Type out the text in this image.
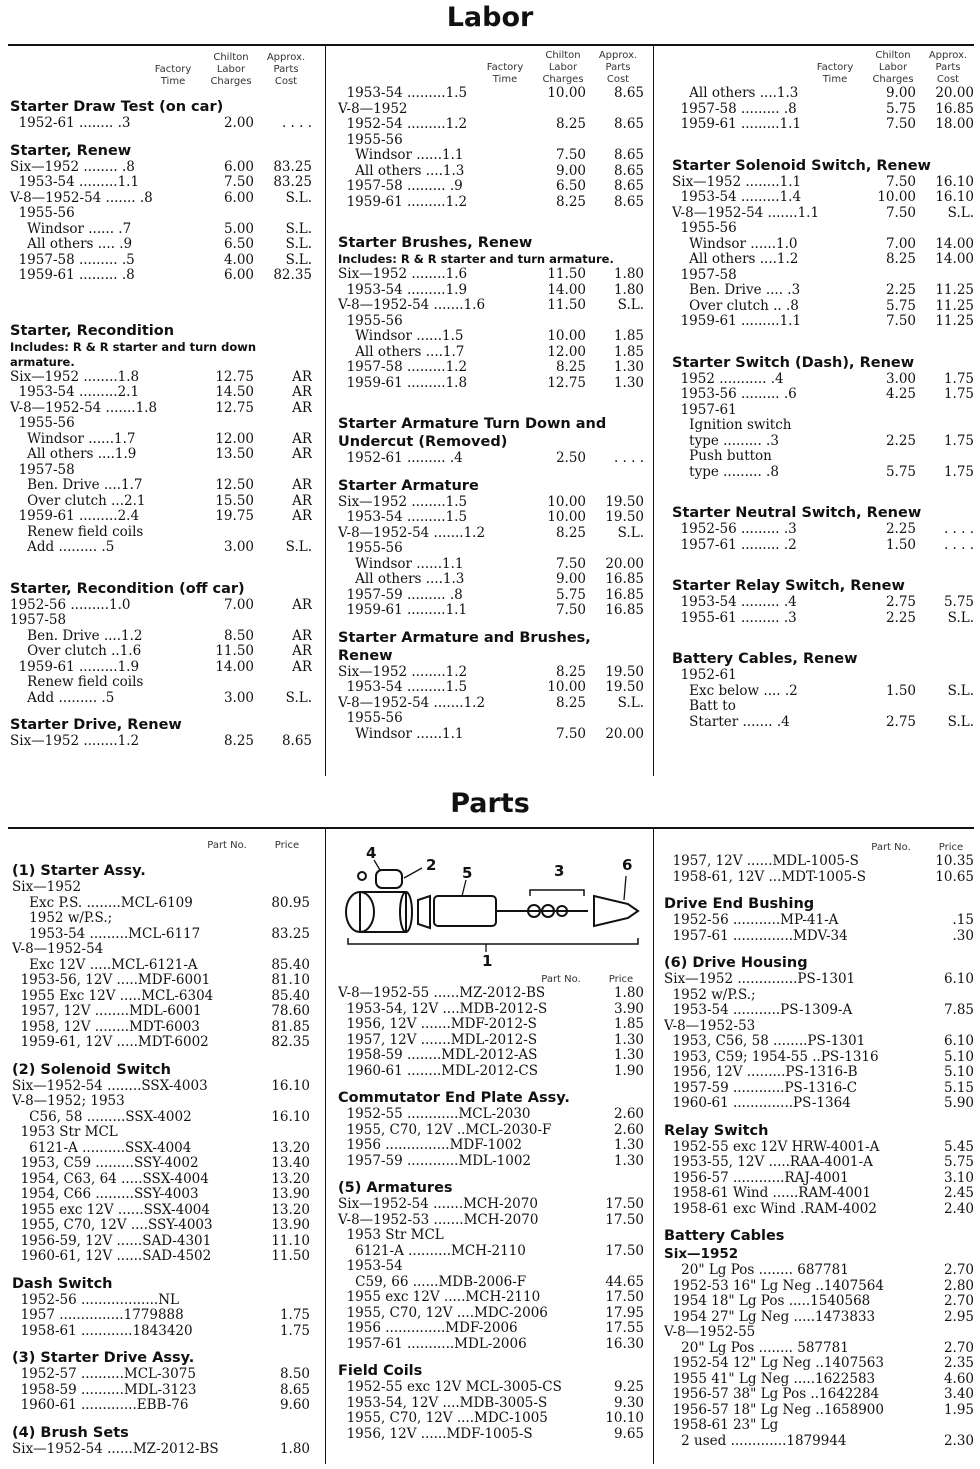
Labor
Parts
Factory
Time
Chilton
Labor
Charges
Approx.
Parts
Cost
Starter Draw Test (on car)
1952-61 ........ .3	2.00	. . . .
Starter, Renew
Six—1952 ........ .8	6.00	83.25
1953-54 .........1.1	7.50	83.25
V-8—1952-54 ....... .8	6.00	S.L.
1955-56
Windsor ...... .7	5.00	S.L.
All others .... .9	6.50	S.L.
1957-58 ......... .5	4.00	S.L.
1959-61 ......... .8	6.00	82.35
Starter, Recondition
Includes: R & R starter and turn down armature.
Six—1952 ........1.8	12.75	AR
1953-54 .........2.1	14.50	AR
V-8—1952-54 .......1.8	12.75	AR
1955-56
Windsor ......1.7	12.00	AR
All others ....1.9	13.50	AR
1957-58
Ben. Drive ....1.7	12.50	AR
Over clutch ...2.1	15.50	AR
1959-61 .........2.4	19.75	AR
Renew field coils
Add ......... .5	3.00	S.L.
Starter, Recondition (off car)
1952-56 .........1.0	7.00	AR
1957-58
Ben. Drive ....1.2	8.50	AR
Over clutch ..1.6	11.50	AR
1959-61 .........1.9	14.00	AR
Renew field coils
Add ......... .5	3.00	S.L.
Starter Drive, Renew
Six—1952 ........1.2	8.25	8.65
Factory
Time
Chilton
Labor
Charges
Approx.
Parts
Cost
1953-54 .........1.5	10.00	8.65
V-8—1952
1952-54 .........1.2	8.25	8.65
1955-56
Windsor ......1.1	7.50	8.65
All others ....1.3	9.00	8.65
1957-58 ......... .9	6.50	8.65
1959-61 .........1.2	8.25	8.65
Starter Brushes, Renew
Includes: R & R starter and turn armature.
Six—1952 ........1.6	11.50	1.80
1953-54 .........1.9	14.00	1.80
V-8—1952-54 .......1.6	11.50	S.L.
1955-56
Windsor ......1.5	10.00	1.85
All others ....1.7	12.00	1.85
1957-58 .........1.2	8.25	1.30
1959-61 .........1.8	12.75	1.30
Starter Armature Turn Down and
Undercut (Removed)
1952-61 ......... .4	2.50	. . . .
Starter Armature
Six—1952 ........1.5	10.00	19.50
1953-54 .........1.5	10.00	19.50
V-8—1952-54 .......1.2	8.25	S.L.
1955-56
Windsor ......1.1	7.50	20.00
All others ....1.3	9.00	16.85
1957-59 ......... .8	5.75	16.85
1959-61 .........1.1	7.50	16.85
Starter Armature and Brushes,
Renew
Six—1952 ........1.2	8.25	19.50
1953-54 .........1.5	10.00	19.50
V-8—1952-54 .......1.2	8.25	S.L.
1955-56
Windsor ......1.1	7.50	20.00
Factory
Time
Chilton
Labor
Charges
Approx.
Parts
Cost
All others ....1.3	9.00	20.00
1957-58 ......... .8	5.75	16.85
1959-61 .........1.1	7.50	18.00
Starter Solenoid Switch, Renew
Six—1952 ........1.1	7.50	16.10
1953-54 .........1.4	10.00	16.10
V-8—1952-54 .......1.1	7.50	S.L.
1955-56
Windsor ......1.0	7.00	14.00
All others ....1.2	8.25	14.00
1957-58
Ben. Drive .... .3	2.25	11.25
Over clutch .. .8	5.75	11.25
1959-61 .........1.1	7.50	11.25
Starter Switch (Dash), Renew
1952 ........... .4	3.00	1.75
1953-56 ......... .6	4.25	1.75
1957-61
Ignition switch
type ......... .3	2.25	1.75
Push button
type ......... .8	5.75	1.75
Starter Neutral Switch, Renew
1952-56 ......... .3	2.25	. . . .
1957-61 ......... .2	1.50	. . . .
Starter Relay Switch, Renew
1953-54 ......... .4	2.75	5.75
1955-61 ......... .3	2.25	S.L.
Battery Cables, Renew
1952-61
Exc below .... .2	1.50	S.L.
Batt to
Starter ....... .4	2.75	S.L.
Part No.	Price
(1) Starter Assy.
Six—1952
Exc P.S. ........MCL-6109	80.95
1952 w/P.S.;
1953-54 .........MCL-6117	83.25
V-8—1952-54
Exc 12V .....MCL-6121-A	85.40
1953-56, 12V .....MDF-6001	81.10
1955 Exc 12V .....MCL-6304	85.40
1957, 12V ........MDL-6001	78.60
1958, 12V ........MDT-6003	81.85
1959-61, 12V .....MDT-6002	82.35
(2) Solenoid Switch
Six—1952-54 ........SSX-4003	16.10
V-8—1952; 1953
C56, 58 .........SSX-4002	16.10
1953 Str MCL
6121-A ..........SSX-4004	13.20
1953, C59 .........SSY-4002	13.40
1954, C63, 64 .....SSX-4004	13.20
1954, C66 .........SSY-4003	13.90
1955 exc 12V ......SSX-4004	13.20
1955, C70, 12V ....SSY-4003	13.90
1956-59, 12V ......SAD-4301	11.10
1960-61, 12V ......SAD-4502	11.50
Dash Switch
1952-56 ..................NL
1957 ...............1779888	1.75
1958-61 ............1843420	1.75
(3) Starter Drive Assy.
1952-57 ..........MCL-3075	8.50
1958-59 ..........MDL-3123	8.65
1960-61 .............EBB-76	9.60
(4) Brush Sets
Six—1952-54 ......MZ-2012-BS	1.80
4
2 5	3	6
1
Part No.	Price
V-8—1952-55 ......MZ-2012-BS	1.80
1953-54, 12V ....MDB-2012-S	3.90
1956, 12V .......MDF-2012-S	1.85
1957, 12V .......MDL-2012-S	1.30
1958-59 ........MDL-2012-AS	1.30
1960-61 ........MDL-2012-CS	1.90
Commutator End Plate Assy.
1952-55 ............MCL-2030	2.60
1955, C70, 12V ..MCL-2030-F	2.60
1956 ...............MDF-1002	1.30
1957-59 ............MDL-1002	1.30
(5) Armatures
Six—1952-54 .......MCH-2070	17.50
V-8—1952-53 .......MCH-2070	17.50
1953 Str MCL
6121-A ..........MCH-2110	17.50
1953-54
C59, 66 ......MDB-2006-F	44.65
1955 exc 12V .....MCH-2110	17.50
1955, C70, 12V ....MDC-2006	17.95
1956 ..............MDF-2006	17.55
1957-61 ...........MDL-2006	16.30
Field Coils
1952-55 exc 12V MCL-3005-CS	9.25
1953-54, 12V ....MDB-3005-S	9.30
1955, C70, 12V ....MDC-1005	10.10
1956, 12V ......MDF-1005-S	9.65
Part No.	Price
1957, 12V ......MDL-1005-S	10.35
1958-61, 12V ...MDT-1005-S	10.65
Drive End Bushing
1952-56 ...........MP-41-A	.15
1957-61 ..............MDV-34	.30
(6) Drive Housing
Six—1952 ..............PS-1301	6.10
1952 w/P.S.;
1953-54 ...........PS-1309-A	7.85
V-8—1952-53
1953, C56, 58 ........PS-1301	6.10
1953, C59; 1954-55 ..PS-1316	5.10
1956, 12V .........PS-1316-B	5.10
1957-59 ............PS-1316-C	5.15
1960-61 ..............PS-1364	5.90
Relay Switch
1952-55 exc 12V HRW-4001-A	5.45
1953-55, 12V .....RAA-4001-A	5.75
1956-57 ............RAJ-4001	3.10
1958-61 Wind ......RAM-4001	2.45
1958-61 exc Wind .RAM-4002	2.40
Battery Cables
Six—1952
20" Lg Pos ........ 687781	2.70
1952-53 16" Lg Neg ..1407564	2.80
1954 18" Lg Pos .....1540568	2.70
1954 27" Lg Neg .....1473833	2.95
V-8—1952-55
20" Lg Pos ........ 587781	2.70
1952-54 12" Lg Neg ..1407563	2.35
1955 41" Lg Neg .....1622583	4.60
1956-57 38" Lg Pos ..1642284	3.40
1956-57 18" Lg Neg ..1658900	1.95
1958-61 23" Lg
2 used .............1879944	2.30
